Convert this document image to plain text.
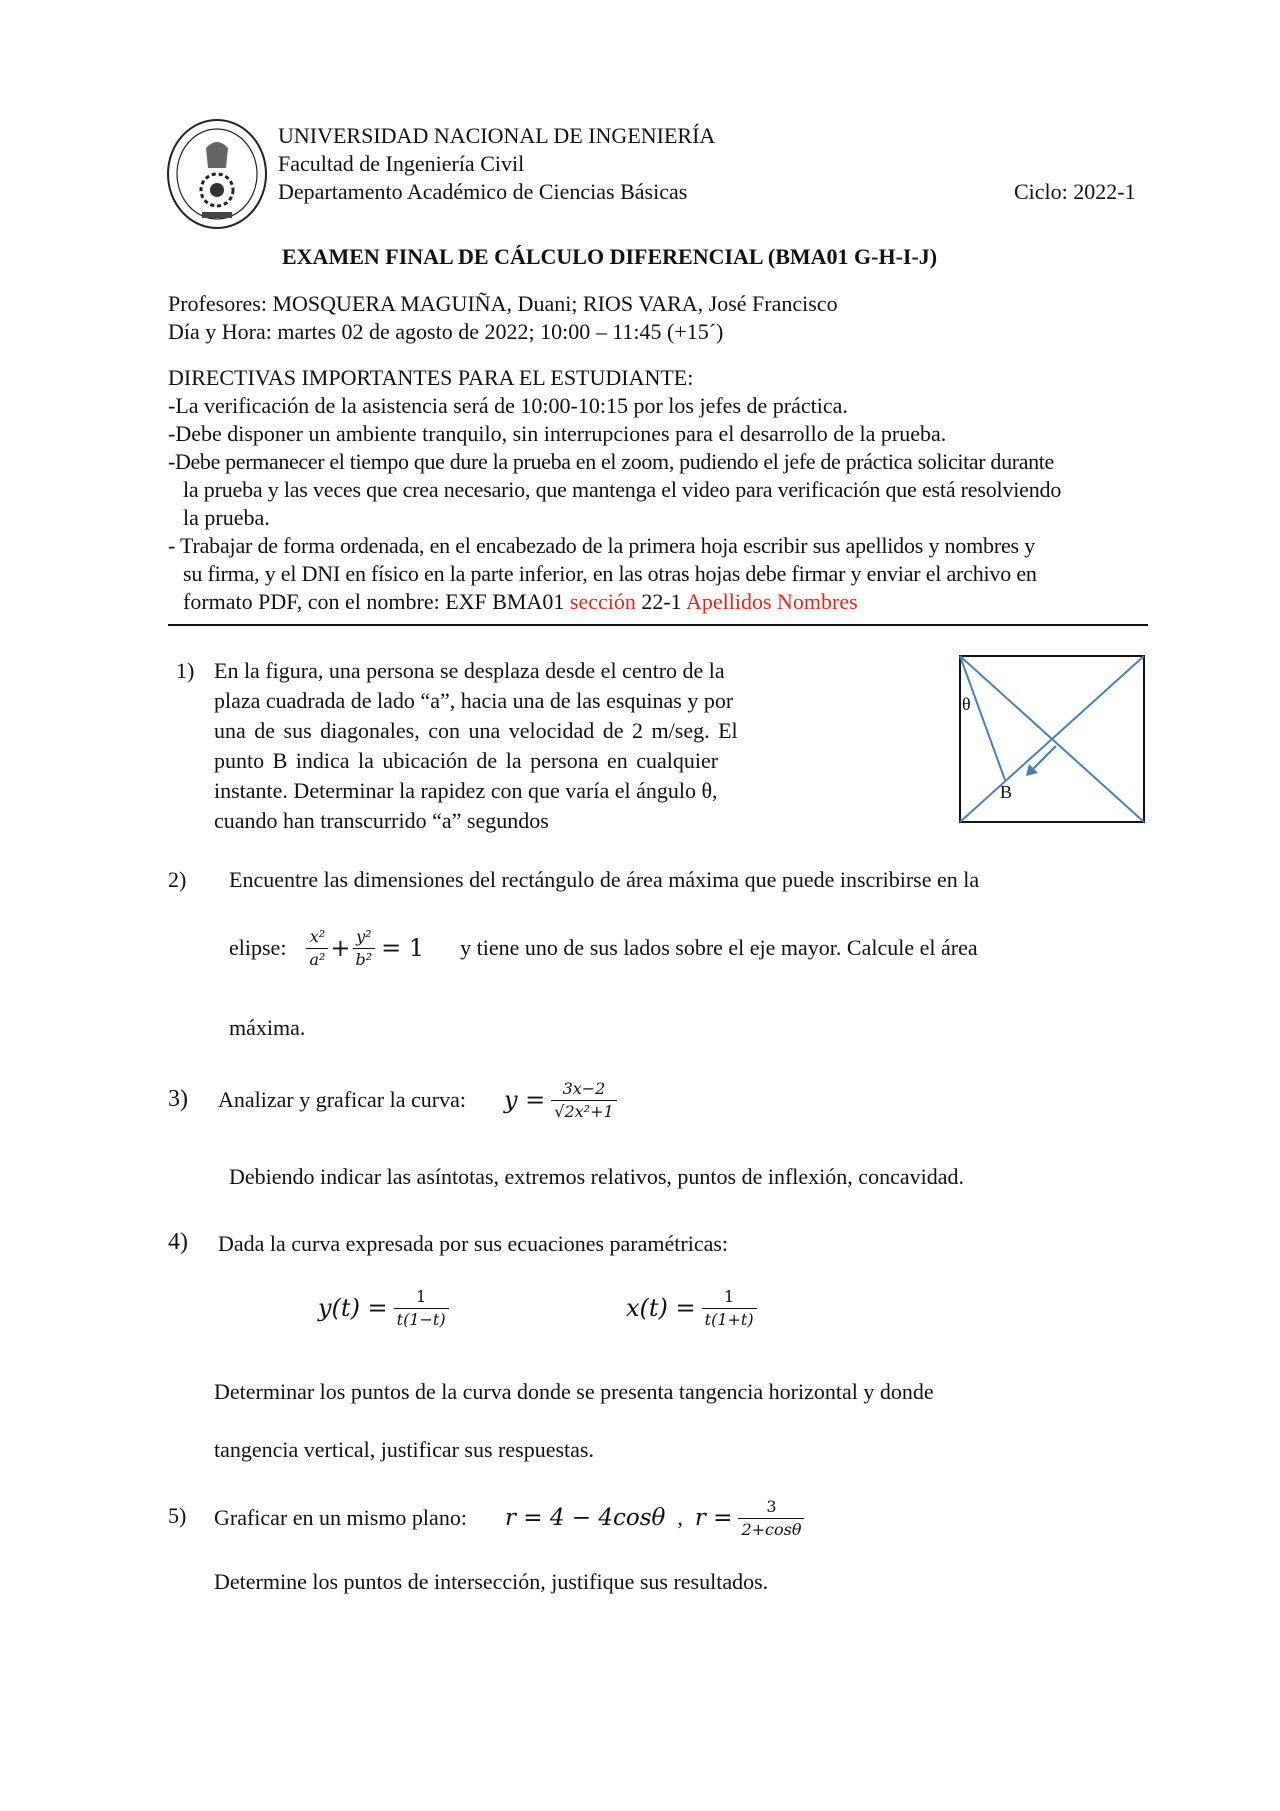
UNIVERSIDAD NACIONAL DE INGENIERÍA
Facultad de Ingeniería Civil
Departamento Académico de Ciencias Básicas	Ciclo: 2022-1
EXAMEN FINAL DE CÁLCULO DIFERENCIAL (BMA01 G-H-I-J)
Profesores: MOSQUERA MAGUIÑA, Duani; RIOS VARA, José Francisco
Día y Hora: martes 02 de agosto de 2022; 10:00 – 11:45 (+15´)
DIRECTIVAS IMPORTANTES PARA EL ESTUDIANTE:
-La verificación de la asistencia será de 10:00-10:15 por los jefes de práctica.
-Debe disponer un ambiente tranquilo, sin interrupciones para el desarrollo de la prueba.
-Debe permanecer el tiempo que dure la prueba en el zoom, pudiendo el jefe de práctica solicitar durante
la prueba y las veces que crea necesario, que mantenga el video para verificación que está resolviendo
la prueba.
- Trabajar de forma ordenada, en el encabezado de la primera hoja escribir sus apellidos y nombres y
su firma, y el DNI en físico en la parte inferior, en las otras hojas debe firmar y enviar el archivo en
formato PDF, con el nombre: EXF BMA01 sección 22-1 Apellidos Nombres
1) En la figura, una persona se desplaza desde el centro de la
plaza cuadrada de lado “a”, hacia una de las esquinas y por
una de sus diagonales, con una velocidad de 2 m/seg. El
punto B indica la ubicación de la persona en cualquier
instante. Determinar la rapidez con que varía el ángulo θ,
cuando han transcurrido “a” segundos
θ
B
2) Encuentre las dimensiones del rectángulo de área máxima que puede inscribirse en la
elipse: $\frac{\text{x²}}{\text{a²}} + \frac{\text{y²}}{\text{b²}} = 1$ y tiene uno de sus lados sobre el eje mayor. Calcule el área
máxima.
3) Analizar y graficar la curva: $y = \frac{3x-2}{\text{√2x²+1}}$
Debiendo indicar las asíntotas, extremos relativos, puntos de inflexión, concavidad.
4) Dada la curva expresada por sus ecuaciones paramétricas:
$y(t) = \frac{1}{t(1-t)}$	$x(t) = \frac{1}{t(1+t)}$
Determinar los puntos de la curva donde se presenta tangencia horizontal y donde
tangencia vertical, justificar sus respuestas.
5) Graficar en un mismo plano: r = 4 − 4cosθ , $r = \frac{3}{2+\cos\theta}$
Determine los puntos de intersección, justifique sus resultados.
